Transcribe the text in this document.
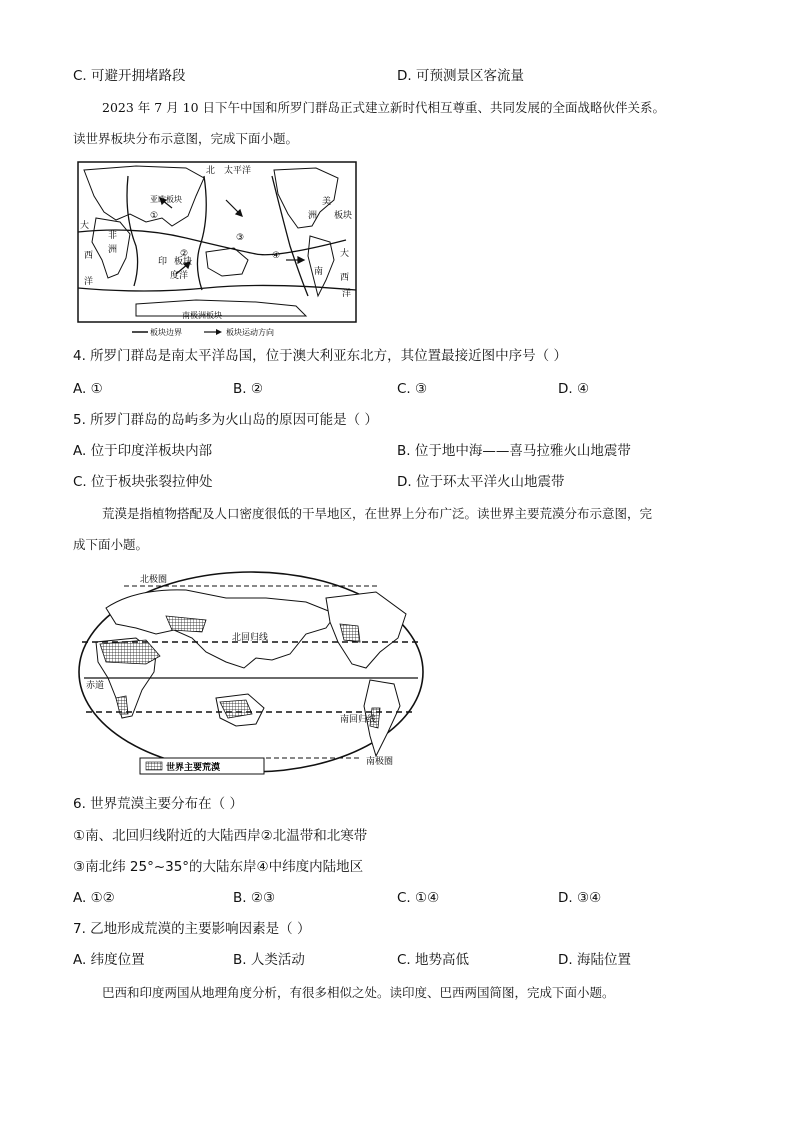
C. 可避开拥堵路段	D. 可预测景区客流量
2023 年 7 月 10 日下午中国和所罗门群岛正式建立新时代相互尊重、共同发展的全面战略伙伴关系。
读世界板块分布示意图，完成下面小题。
北 太平洋
亚欧板块	美
洲 板块
大
非
洲
印 板块
度洋	南
大
西
洋	西
洋
南极洲板块
①
②
③
④
板块边界	板块运动方向
4. 所罗门群岛是南太平洋岛国，位于澳大利亚东北方，其位置最接近图中序号（ ）
A. ①	B. ②	C. ③	D. ④
5. 所罗门群岛的岛屿多为火山岛的原因可能是（ ）
A. 位于印度洋板块内部	B. 位于地中海——喜马拉雅火山地震带
C. 位于板块张裂拉伸处	D. 位于环太平洋火山地震带
荒漠是指植物搭配及人口密度很低的干旱地区，在世界上分布广泛。读世界主要荒漠分布示意图，完
成下面小题。
北极圈
北回归线
赤道
南回归线
南极圈
世界主要荒漠
6. 世界荒漠主要分布在（ ）
①南、北回归线附近的大陆西岸②北温带和北寒带
③南北纬 25°~35°的大陆东岸④中纬度内陆地区
A. ①②	B. ②③	C. ①④	D. ③④
7. 乙地形成荒漠的主要影响因素是（ ）
A. 纬度位置	B. 人类活动	C. 地势高低	D. 海陆位置
巴西和印度两国从地理角度分析，有很多相似之处。读印度、巴西两国简图，完成下面小题。
